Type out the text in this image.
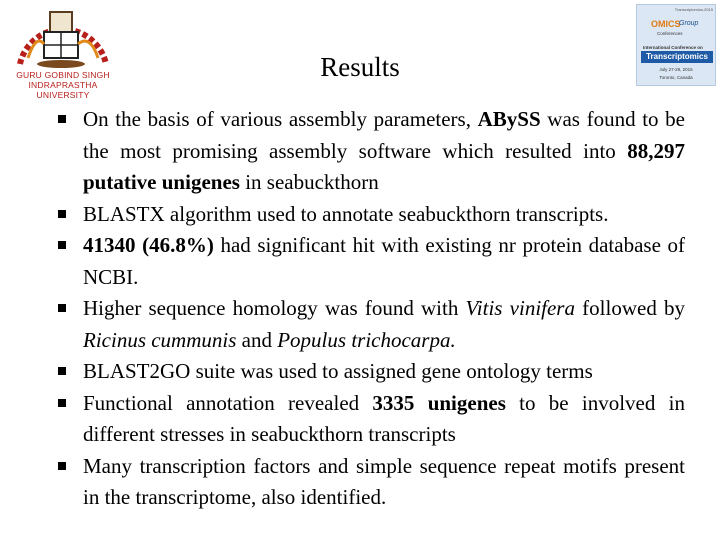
GURU GOBIND SINGH
INDRAPRASTHA
UNIVERSITY
Transcriptomics-2015
OMICS
Group
Conferences
International Conference on
Transcriptomics
July 27-29, 2015
Toronto, Canada
Results
On the basis of various assembly parameters, ABySS was found to be the most promising assembly software which resulted into 88,297 putative unigenes in seabuckthorn
BLASTX algorithm used to annotate seabuckthorn transcripts.
41340 (46.8%) had significant hit with existing nr protein database of NCBI.
Higher sequence homology was found with Vitis vinifera followed by Ricinus cummunis and Populus trichocarpa.
BLAST2GO suite was used to assigned gene ontology terms
Functional annotation revealed 3335 unigenes to be involved in different stresses in seabuckthorn transcripts
Many transcription factors and simple sequence repeat motifs present in the transcriptome, also identified.
